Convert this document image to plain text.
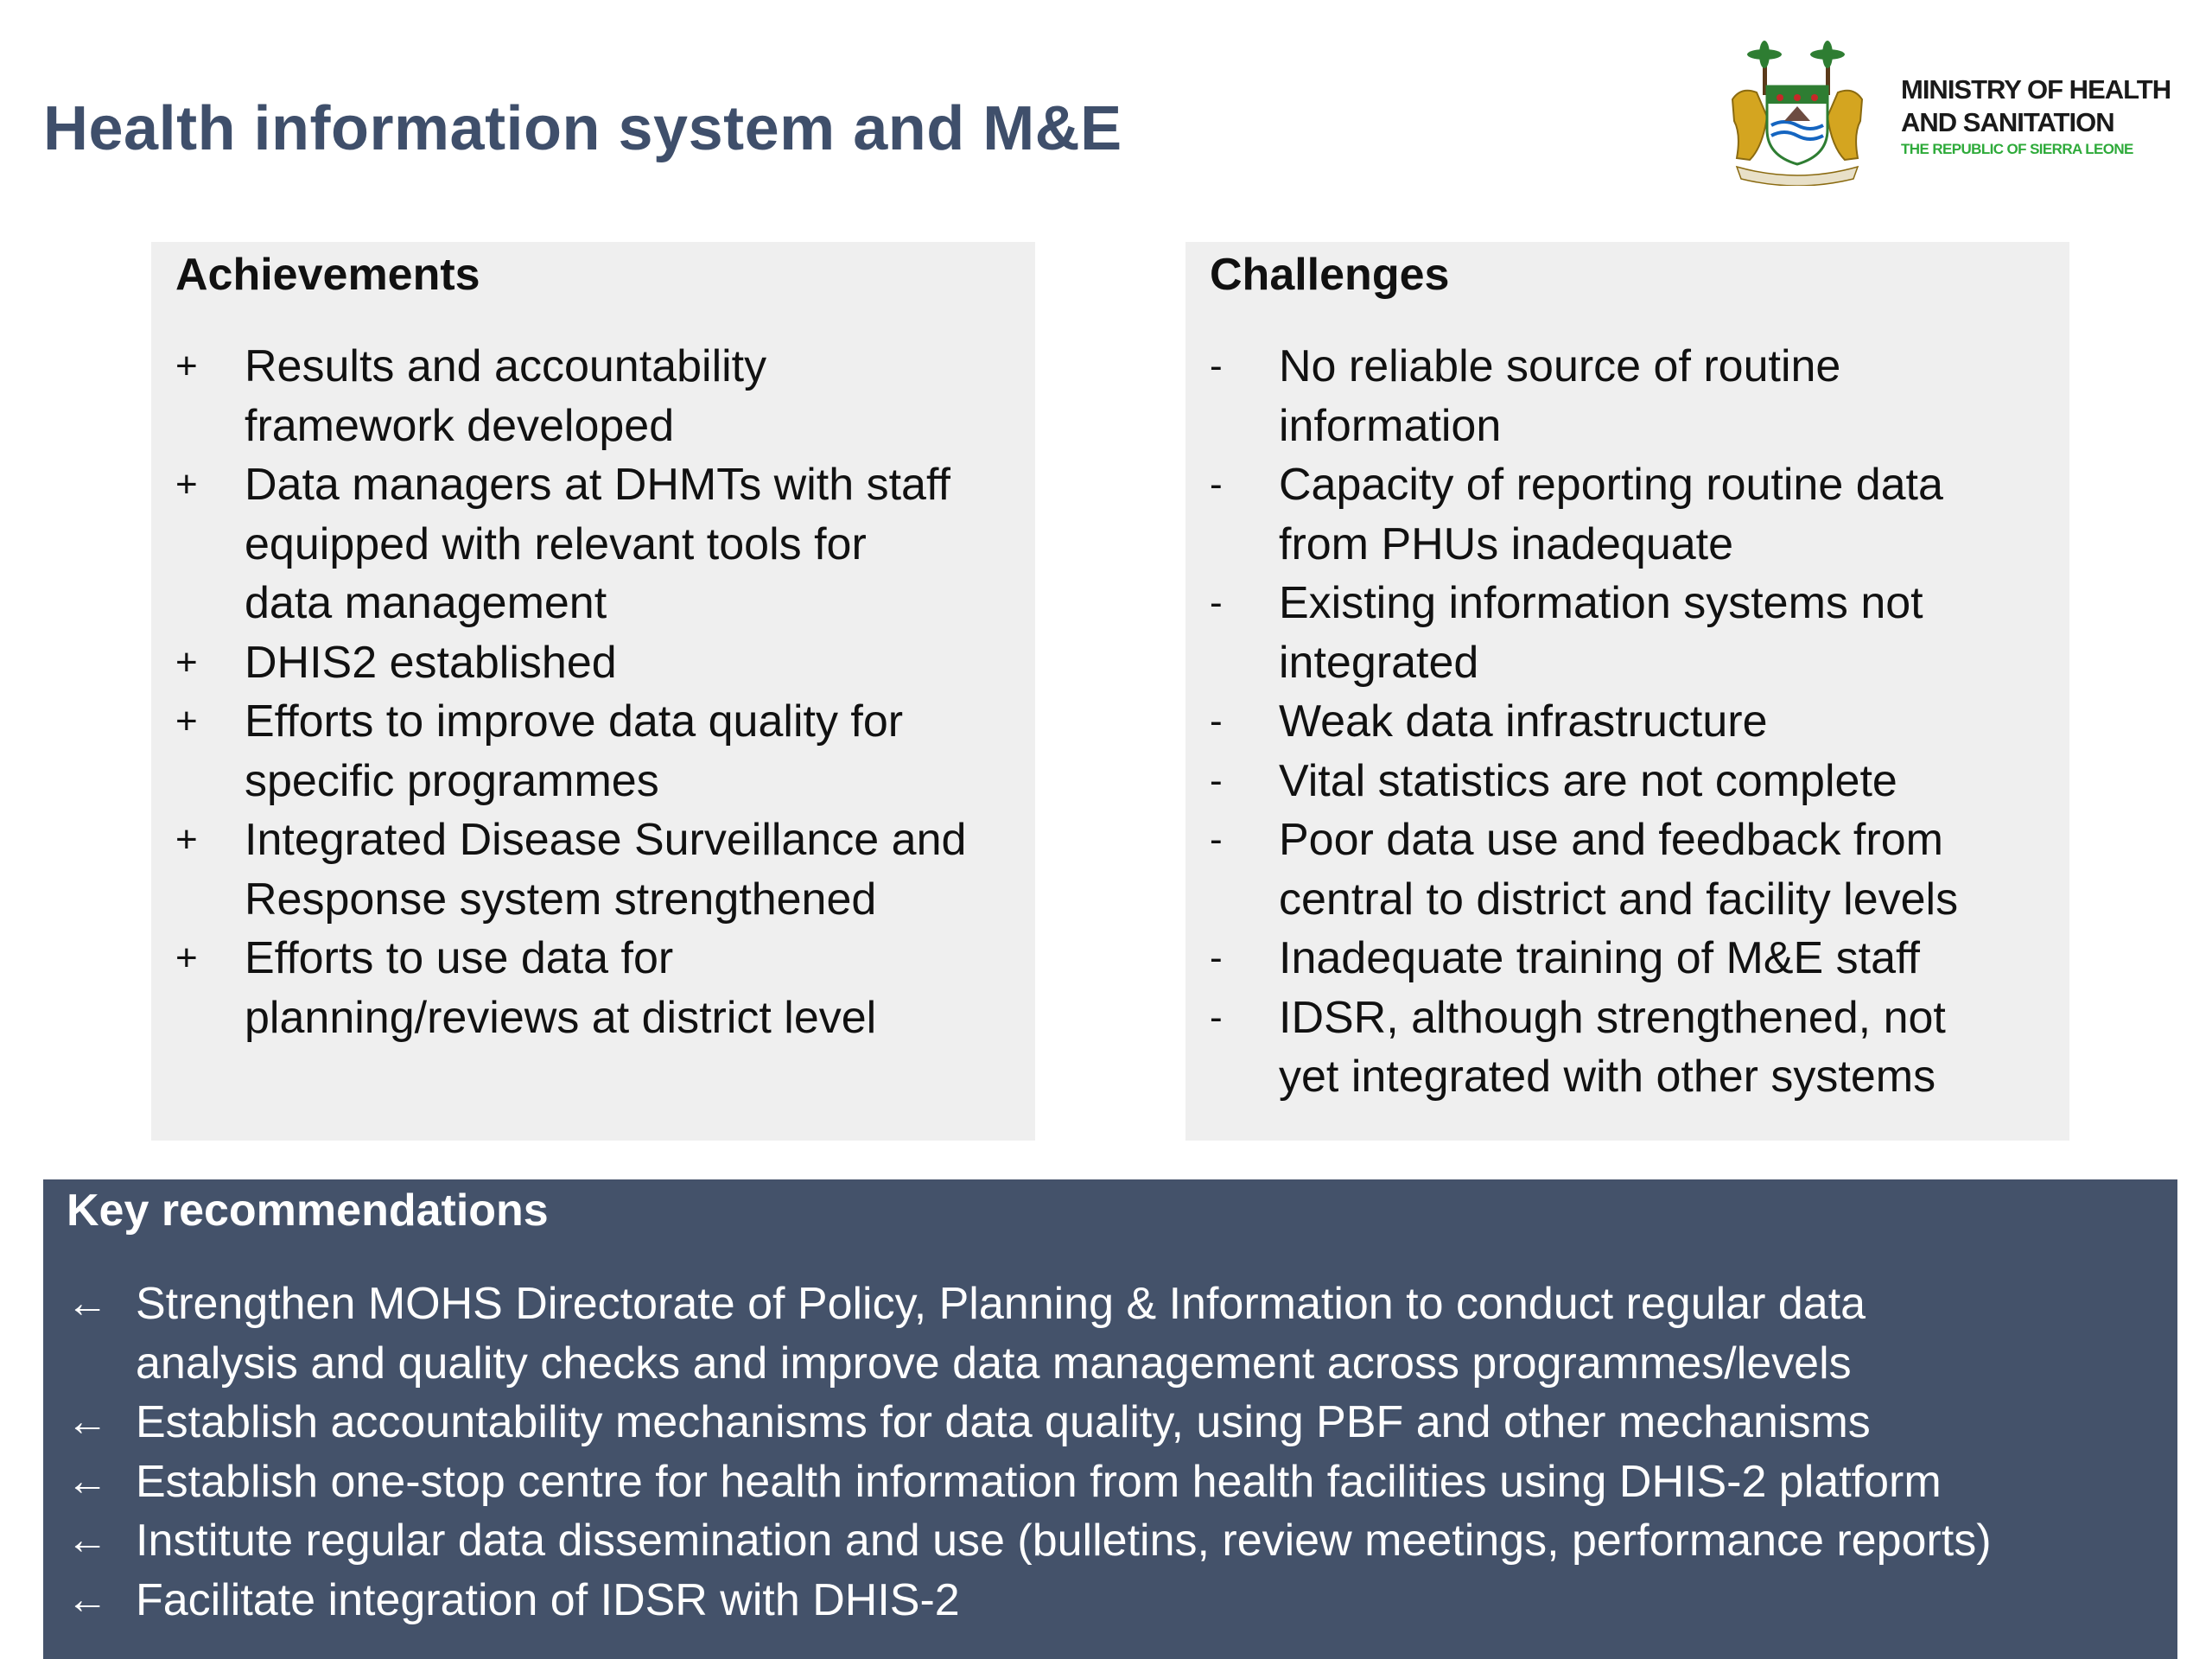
Health information system and M&E
MINISTRY OF HEALTH
AND SANITATION
THE REPUBLIC OF SIERRA LEONE
Achievements
+	Results and accountability
framework developed
+	Data managers at DHMTs with staff
equipped with relevant tools for
data management
+	DHIS2 established
+	Efforts to improve data quality for
specific programmes
+	Integrated Disease Surveillance and
Response system strengthened
+	Efforts to use data for
planning/reviews at district level
Challenges
-	No reliable source of routine
information
-	Capacity of reporting routine data
from PHUs inadequate
-	Existing information systems not
integrated
-	Weak data infrastructure
-	Vital statistics are not complete
-	Poor data use and feedback from
central to district and facility levels
-	Inadequate training of M&E staff
-	IDSR, although strengthened, not
yet integrated with other systems
Key recommendations
← Strengthen MOHS Directorate of Policy, Planning & Information to conduct regular data
analysis and quality checks and improve data management across programmes/levels
← Establish accountability mechanisms for data quality, using PBF and other mechanisms
← Establish one-stop centre for health information from health facilities using DHIS-2 platform
← Institute regular data dissemination and use (bulletins, review meetings, performance reports)
← Facilitate integration of IDSR with DHIS-2
